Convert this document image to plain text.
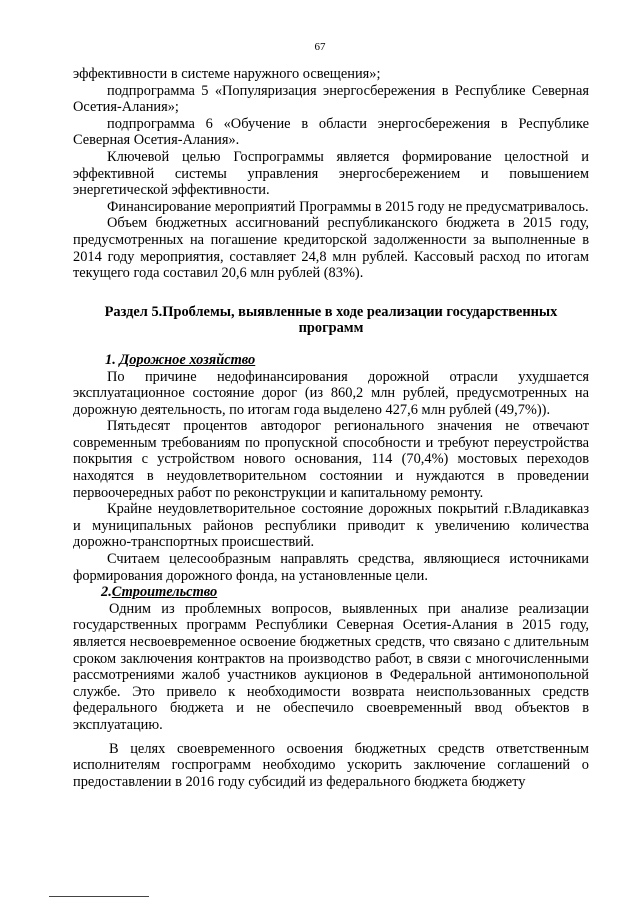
67

эффективности в системе наружного освещения»;

подпрограмма 5 «Популяризация энергосбережения в Республике Северная Осетия-Алания»;

подпрограмма 6 «Обучение в области энергосбережения в Республике Северная Осетия-Алания».

Ключевой целью Госпрограммы является формирование целостной и эффективной системы управления энергосбережением и повышением энергетической эффективности.

Финансирование мероприятий Программы в 2015 году не предусматривалось.

Объем бюджетных ассигнований республиканского бюджета в 2015 году, предусмотренных на погашение кредиторской задолженности за выполненные в 2014 году мероприятия, составляет 24,8 млн рублей. Кассовый расход по итогам текущего года составил 20,6 млн рублей (83%).

Раздел 5.Проблемы, выявленные в ходе реализации государственных программ

1. Дорожное хозяйство

По причине недофинансирования дорожной отрасли ухудшается эксплуатационное состояние дорог (из 860,2 млн рублей, предусмотренных на дорожную деятельность, по итогам года выделено 427,6 млн рублей (49,7%)).

Пятьдесят процентов автодорог регионального значения не отвечают современным требованиям по пропускной способности и требуют переустройства покрытия с устройством нового основания, 114 (70,4%) мостовых переходов находятся в неудовлетворительном состоянии и нуждаются в проведении первоочередных работ по реконструкции и капитальному ремонту.

Крайне неудовлетворительное состояние дорожных покрытий г.Владикавказ и муниципальных районов республики приводит к увеличению количества дорожно-транспортных происшествий.

Считаем целесообразным направлять средства, являющиеся источниками формирования дорожного фонда, на установленные цели.

2.Строительство

Одним из проблемных вопросов, выявленных при анализе реализации государственных программ Республики Северная Осетия-Алания в 2015 году, является несвоевременное освоение бюджетных средств, что связано с длительным сроком заключения контрактов на производство работ, в связи с многочисленными рассмотрениями жалоб участников аукционов в Федеральной антимонопольной службе. Это привело к необходимости возврата неиспользованных средств федерального бюджета и не обеспечило своевременный ввод объектов в эксплуатацию.

В целях своевременного освоения бюджетных средств ответственным исполнителям госпрограмм необходимо ускорить заключение соглашений о предоставлении в 2016 году субсидий из федерального бюджета бюджету
